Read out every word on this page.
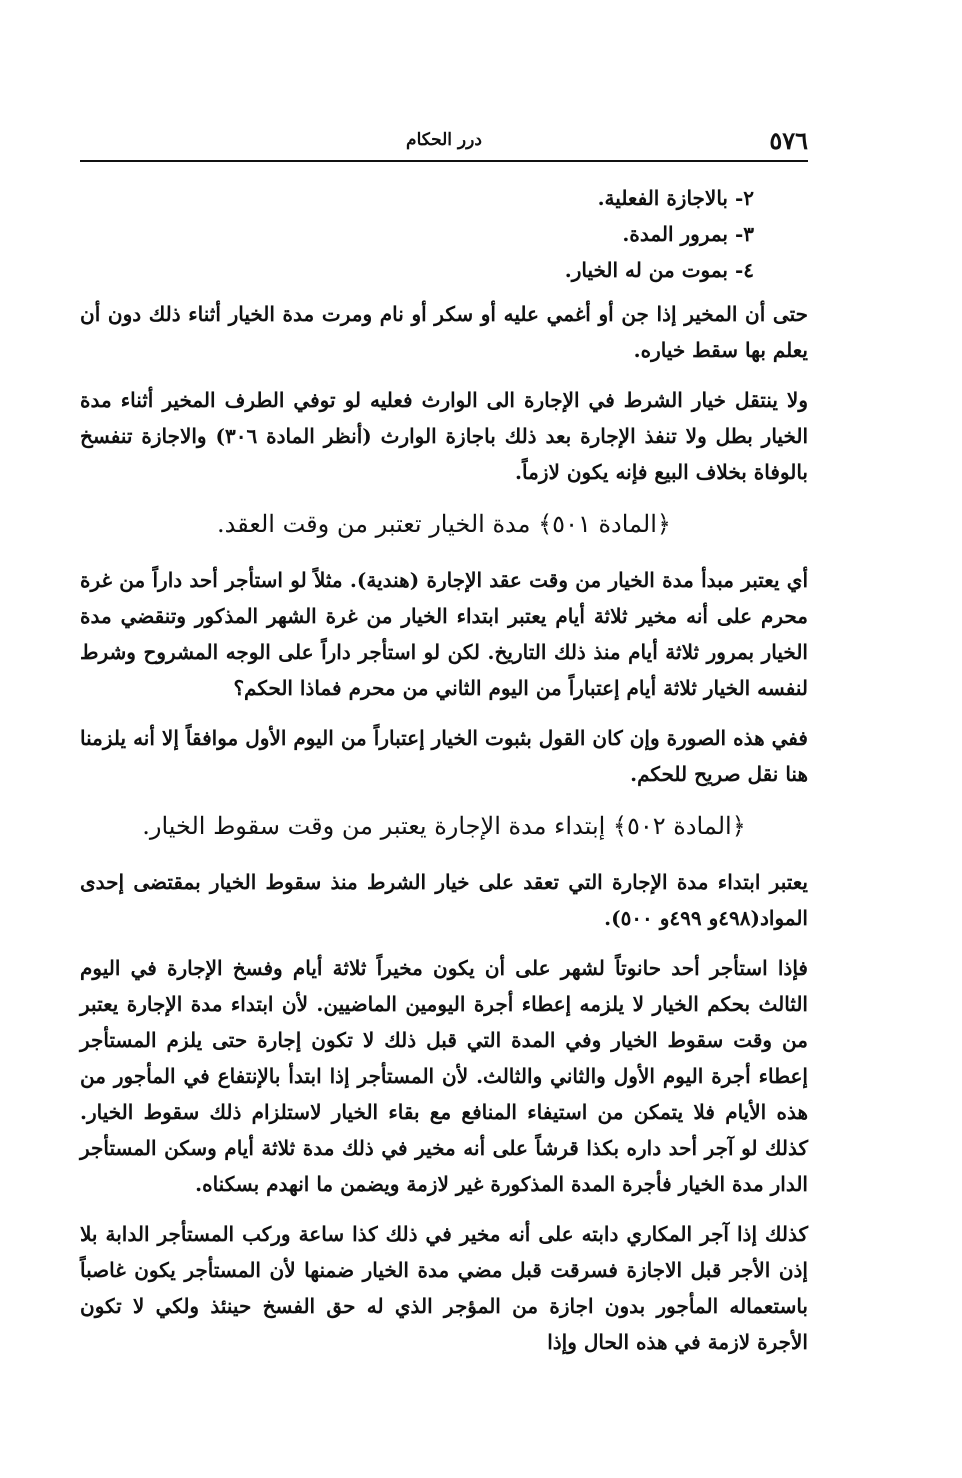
٥٧٦
درر الحكام
٢- بالاجازة الفعلية.
٣- بمرور المدة.
٤- بموت من له الخيار.

حتى أن المخير إذا جن أو أغمي عليه أو سكر أو نام ومرت مدة الخيار أثناء ذلك دون أن يعلم بها سقط خياره.

ولا ينتقل خيار الشرط في الإجارة الى الوارث فعليه لو توفي الطرف المخير أثناء مدة الخيار بطل ولا تنفذ الإجارة بعد ذلك باجازة الوارث (أنظر المادة ٣٠٦) والاجازة تنفسخ بالوفاة بخلاف البيع فإنه يكون لازماً.

﴿المادة ٥٠١﴾ مدة الخيار تعتبر من وقت العقد.

أي يعتبر مبدأ مدة الخيار من وقت عقد الإجارة (هندية). مثلاً لو استأجر أحد داراً من غرة محرم على أنه مخير ثلاثة أيام يعتبر ابتداء الخيار من غرة الشهر المذكور وتنقضي مدة الخيار بمرور ثلاثة أيام منذ ذلك التاريخ. لكن لو استأجر داراً على الوجه المشروح وشرط لنفسه الخيار ثلاثة أيام إعتباراً من اليوم الثاني من محرم فماذا الحكم؟

ففي هذه الصورة وإن كان القول بثبوت الخيار إعتباراً من اليوم الأول موافقاً إلا أنه يلزمنا هنا نقل صريح للحكم.

﴿المادة ٥٠٢﴾ إبتداء مدة الإجارة يعتبر من وقت سقوط الخيار.

يعتبر ابتداء مدة الإجارة التي تعقد على خيار الشرط منذ سقوط الخيار بمقتضى إحدى المواد(٤٩٨و ٤٩٩و ٥٠٠).

فإذا استأجر أحد حانوتاً لشهر على أن يكون مخيراً ثلاثة أيام وفسخ الإجارة في اليوم الثالث بحكم الخيار لا يلزمه إعطاء أجرة اليومين الماضيين. لأن ابتداء مدة الإجارة يعتبر من وقت سقوط الخيار وفي المدة التي قبل ذلك لا تكون إجارة حتى يلزم المستأجر إعطاء أجرة اليوم الأول والثاني والثالث. لأن المستأجر إذا ابتدأ بالإنتفاع في المأجور من هذه الأيام فلا يتمكن من استيفاء المنافع مع بقاء الخيار لاستلزام ذلك سقوط الخيار. كذلك لو آجر أحد داره بكذا قرشاً على أنه مخير في ذلك مدة ثلاثة أيام وسكن المستأجر الدار مدة الخيار فأجرة المدة المذكورة غير لازمة ويضمن ما انهدم بسكناه.

كذلك إذا آجر المكاري دابته على أنه مخير في ذلك كذا ساعة وركب المستأجر الدابة بلا إذن الأجر قبل الاجازة فسرقت قبل مضي مدة الخيار ضمنها لأن المستأجر يكون غاصباً باستعماله المأجور بدون اجازة من المؤجر الذي له حق الفسخ حينئذ ولكي لا تكون الأجرة لازمة في هذه الحال وإذا
